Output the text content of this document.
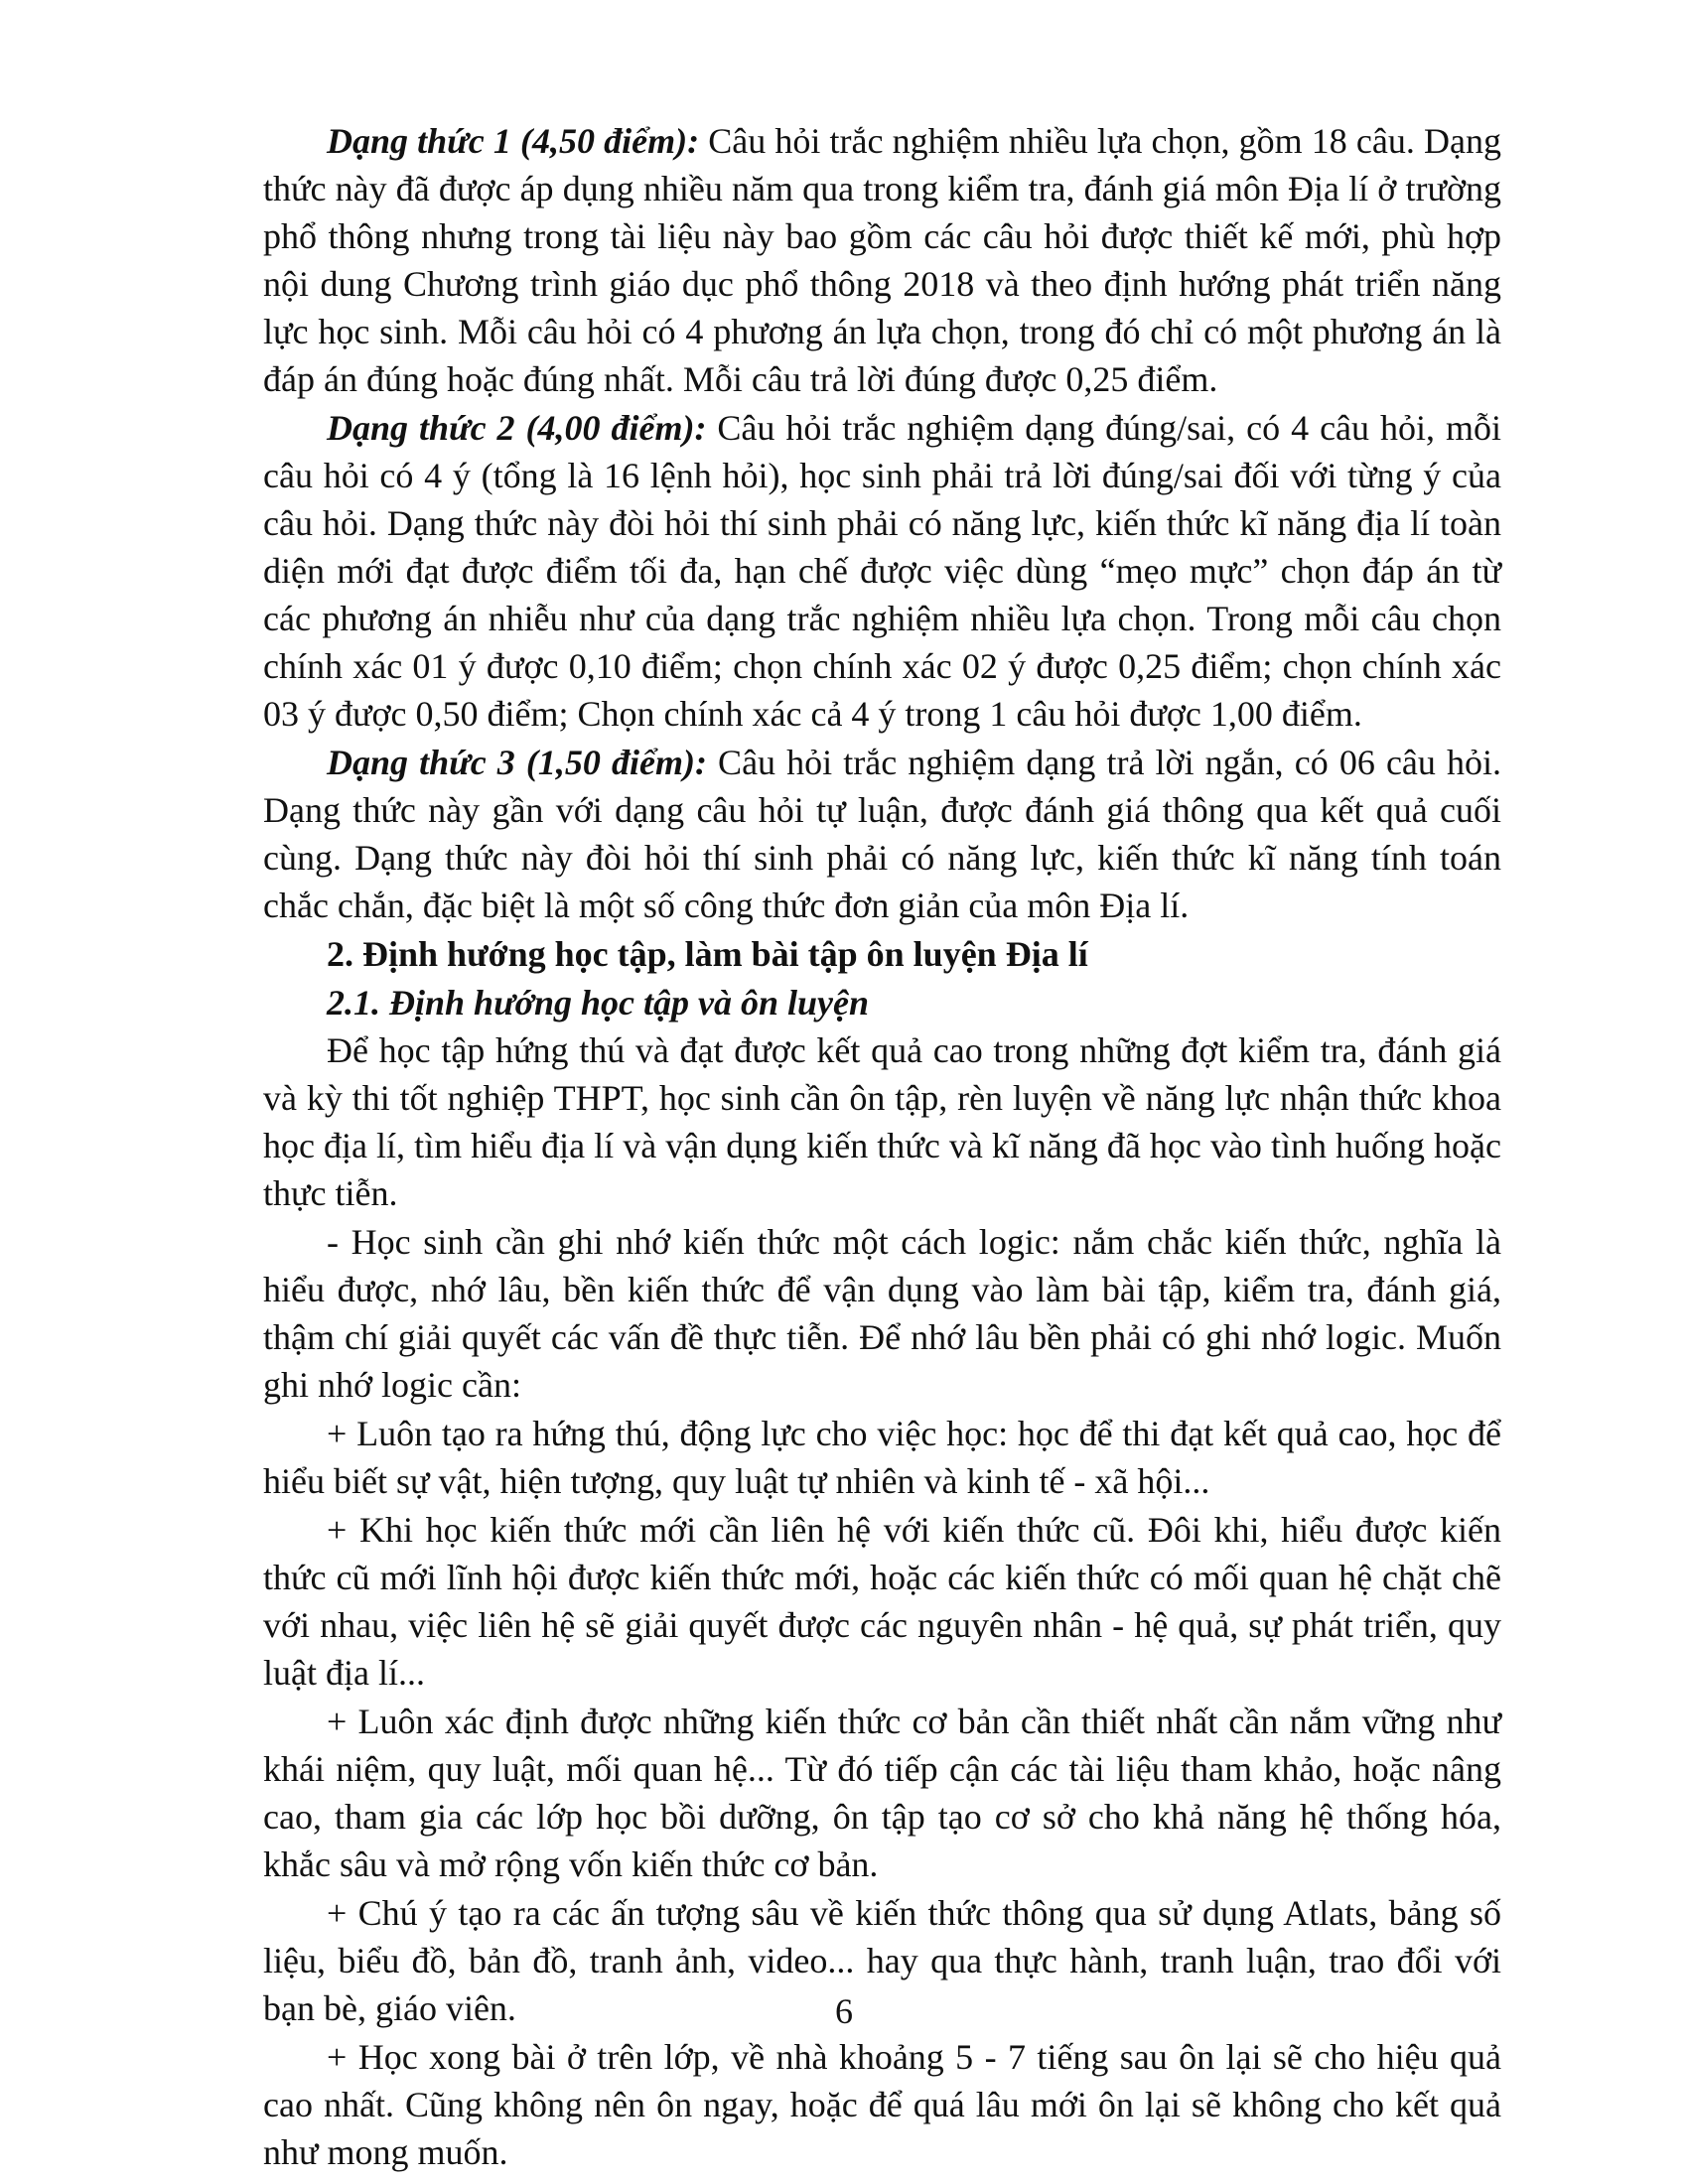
Dạng thức 1 (4,50 điểm): Câu hỏi trắc nghiệm nhiều lựa chọn, gồm 18 câu. Dạng thức này đã được áp dụng nhiều năm qua trong kiểm tra, đánh giá môn Địa lí ở trường phổ thông nhưng trong tài liệu này bao gồm các câu hỏi được thiết kế mới, phù hợp nội dung Chương trình giáo dục phổ thông 2018 và theo định hướng phát triển năng lực học sinh. Mỗi câu hỏi có 4 phương án lựa chọn, trong đó chỉ có một phương án là đáp án đúng hoặc đúng nhất. Mỗi câu trả lời đúng được 0,25 điểm.

Dạng thức 2 (4,00 điểm): Câu hỏi trắc nghiệm dạng đúng/sai, có 4 câu hỏi, mỗi câu hỏi có 4 ý (tổng là 16 lệnh hỏi), học sinh phải trả lời đúng/sai đối với từng ý của câu hỏi. Dạng thức này đòi hỏi thí sinh phải có năng lực, kiến thức kĩ năng địa lí toàn diện mới đạt được điểm tối đa, hạn chế được việc dùng “mẹo mực” chọn đáp án từ các phương án nhiễu như của dạng trắc nghiệm nhiều lựa chọn. Trong mỗi câu chọn chính xác 01 ý được 0,10 điểm; chọn chính xác 02 ý được 0,25 điểm; chọn chính xác 03 ý được 0,50 điểm; Chọn chính xác cả 4 ý trong 1 câu hỏi được 1,00 điểm.

Dạng thức 3 (1,50 điểm): Câu hỏi trắc nghiệm dạng trả lời ngắn, có 06 câu hỏi. Dạng thức này gần với dạng câu hỏi tự luận, được đánh giá thông qua kết quả cuối cùng. Dạng thức này đòi hỏi thí sinh phải có năng lực, kiến thức kĩ năng tính toán chắc chắn, đặc biệt là một số công thức đơn giản của môn Địa lí.

2. Định hướng học tập, làm bài tập ôn luyện Địa lí

2.1. Định hướng học tập và ôn luyện

Để học tập hứng thú và đạt được kết quả cao trong những đợt kiểm tra, đánh giá và kỳ thi tốt nghiệp THPT, học sinh cần ôn tập, rèn luyện về năng lực nhận thức khoa học địa lí, tìm hiểu địa lí và vận dụng kiến thức và kĩ năng đã học vào tình huống hoặc thực tiễn.

- Học sinh cần ghi nhớ kiến thức một cách logic: nắm chắc kiến thức, nghĩa là hiểu được, nhớ lâu, bền kiến thức để vận dụng vào làm bài tập, kiểm tra, đánh giá, thậm chí giải quyết các vấn đề thực tiễn. Để nhớ lâu bền phải có ghi nhớ logic. Muốn ghi nhớ logic cần:

+ Luôn tạo ra hứng thú, động lực cho việc học: học để thi đạt kết quả cao, học để hiểu biết sự vật, hiện tượng, quy luật tự nhiên và kinh tế - xã hội...

+ Khi học kiến thức mới cần liên hệ với kiến thức cũ. Đôi khi, hiểu được kiến thức cũ mới lĩnh hội được kiến thức mới, hoặc các kiến thức có mối quan hệ chặt chẽ với nhau, việc liên hệ sẽ giải quyết được các nguyên nhân - hệ quả, sự phát triển, quy luật địa lí...

+ Luôn xác định được những kiến thức cơ bản cần thiết nhất cần nắm vững như khái niệm, quy luật, mối quan hệ... Từ đó tiếp cận các tài liệu tham khảo, hoặc nâng cao, tham gia các lớp học bồi dưỡng, ôn tập tạo cơ sở cho khả năng hệ thống hóa, khắc sâu và mở rộng vốn kiến thức cơ bản.

+ Chú ý tạo ra các ấn tượng sâu về kiến thức thông qua sử dụng Atlats, bảng số liệu, biểu đồ, bản đồ, tranh ảnh, video... hay qua thực hành, tranh luận, trao đổi với bạn bè, giáo viên.

+ Học xong bài ở trên lớp, về nhà khoảng 5 - 7 tiếng sau ôn lại sẽ cho hiệu quả cao nhất. Cũng không nên ôn ngay, hoặc để quá lâu mới ôn lại sẽ không cho kết quả như mong muốn.

6
